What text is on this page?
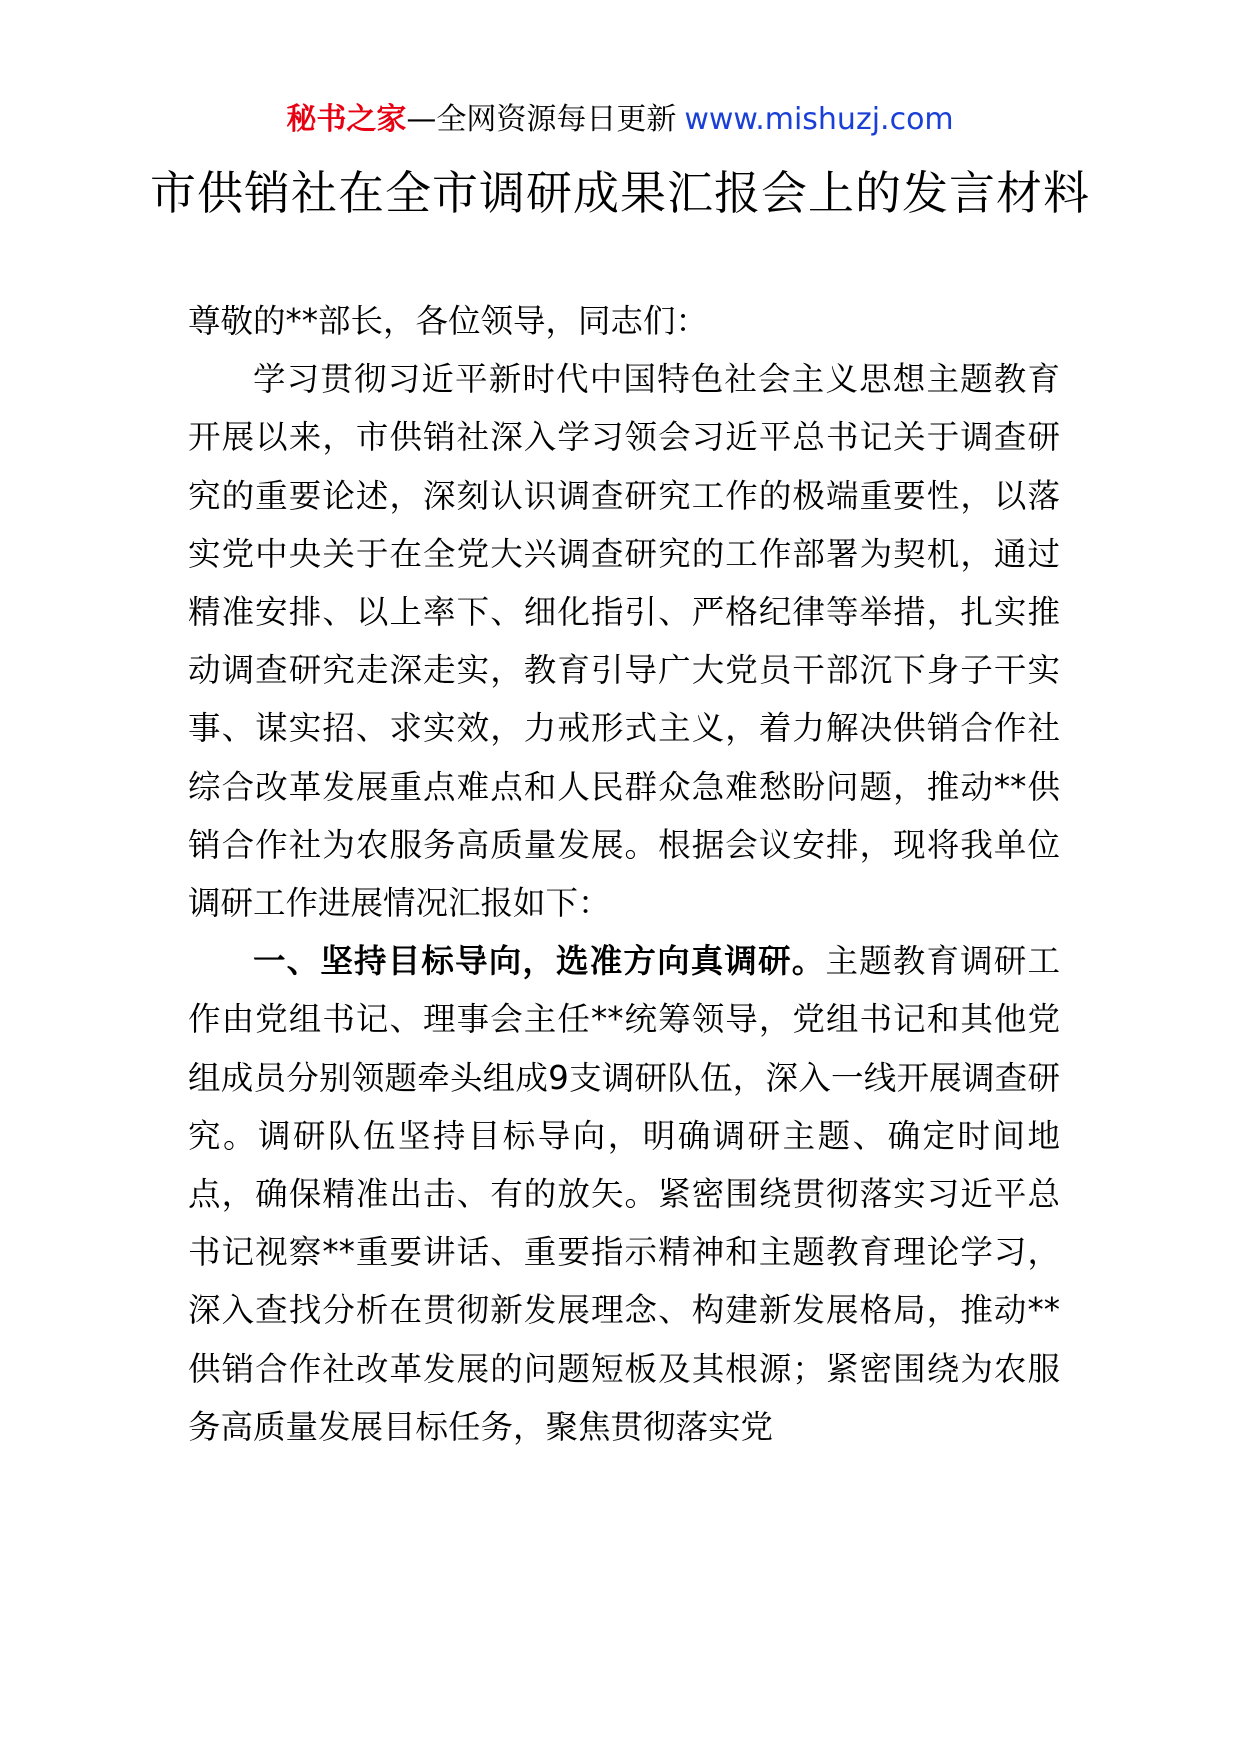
秘书之家—全网资源每日更新 www.mishuzj.com
市供销社在全市调研成果汇报会上的发言材料

尊敬的**部长，各位领导，同志们：

学习贯彻习近平新时代中国特色社会主义思想主题教育开展以来，市供销社深入学习领会习近平总书记关于调查研究的重要论述，深刻认识调查研究工作的极端重要性，以落实党中央关于在全党大兴调查研究的工作部署为契机，通过精准安排、以上率下、细化指引、严格纪律等举措，扎实推动调查研究走深走实，教育引导广大党员干部沉下身子干实事、谋实招、求实效，力戒形式主义，着力解决供销合作社综合改革发展重点难点和人民群众急难愁盼问题，推动**供销合作社为农服务高质量发展。根据会议安排，现将我单位调研工作进展情况汇报如下：

一、坚持目标导向，选准方向真调研。主题教育调研工作由党组书记、理事会主任**统筹领导，党组书记和其他党组成员分别领题牵头组成9支调研队伍，深入一线开展调查研究。调研队伍坚持目标导向，明确调研主题、确定时间地点，确保精准出击、有的放矢。紧密围绕贯彻落实习近平总书记视察**重要讲话、重要指示精神和主题教育理论学习，深入查找分析在贯彻新发展理念、构建新发展格局，推动**供销合作社改革发展的问题短板及其根源；紧密围绕为农服务高质量发展目标任务，聚焦贯彻落实党
